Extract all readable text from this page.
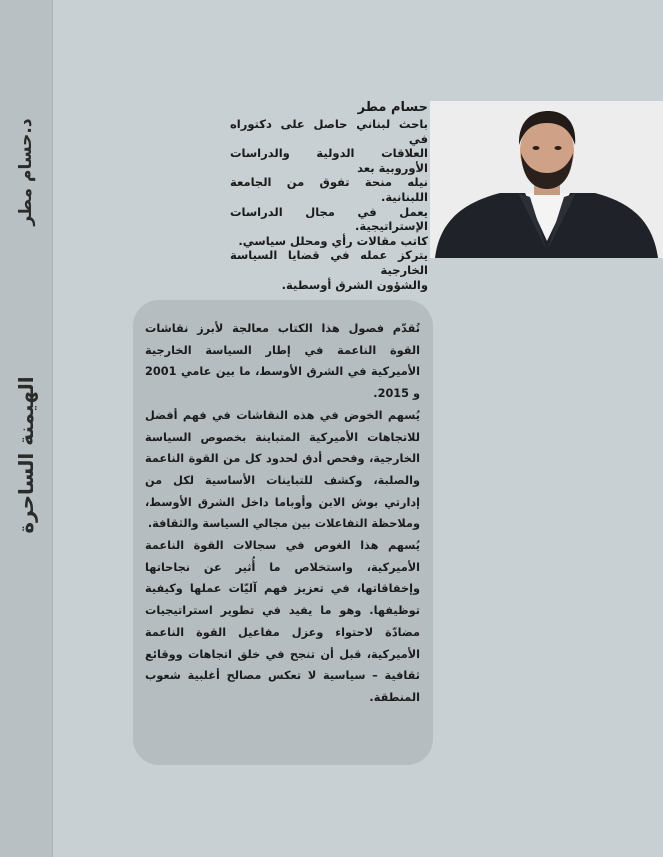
د.حسام مطر
الهيمنة الساحرة

حسام مطر

باحث لبناني حاصل على دكتوراه في

العلاقات الدولية والدراسات الأوروبية بعد

نيله منحة تفوق من الجامعة اللبنانية.

يعمل في مجال الدراسات الإستراتيجية.

كاتب مقالات رأي ومحلل سياسي.

يتركز عمله في قضايا السياسة الخارجية

والشؤون الشرق أوسطية.

تُقدّم فصول هذا الكتاب معالجة لأبرز نقاشات القوة الناعمة في إطار السياسة الخارجية الأميركية في الشرق الأوسط، ما بين عامي 2001 و 2015.

يُسهم الخوض في هذه النقاشات في فهم أفضل للاتجاهات الأميركية المتباينة بخصوص السياسة الخارجية، وفحص أدق لحدود كل من القوة الناعمة والصلبة، وكشف للتباينات الأساسية لكل من إدارتي بوش الابن وأوباما داخل الشرق الأوسط، وملاحظة التفاعلات بين مجالي السياسة والثقافة.

يُسهم هذا الغوص في سجالات القوة الناعمة الأميركية، واستخلاص ما أُثير عن نجاحاتها وإخفاقاتها، في تعزيز فهم آليّات عملها وكيفية توظيفها. وهو ما يفيد في تطوير استراتيجيات مضادّة لاحتواء وعزل مفاعيل القوة الناعمة الأميركية، قبل أن تنجح في خلق اتجاهات ووقائع ثقافية – سياسية لا تعكس مصالح أغلبية شعوب المنطقة.
